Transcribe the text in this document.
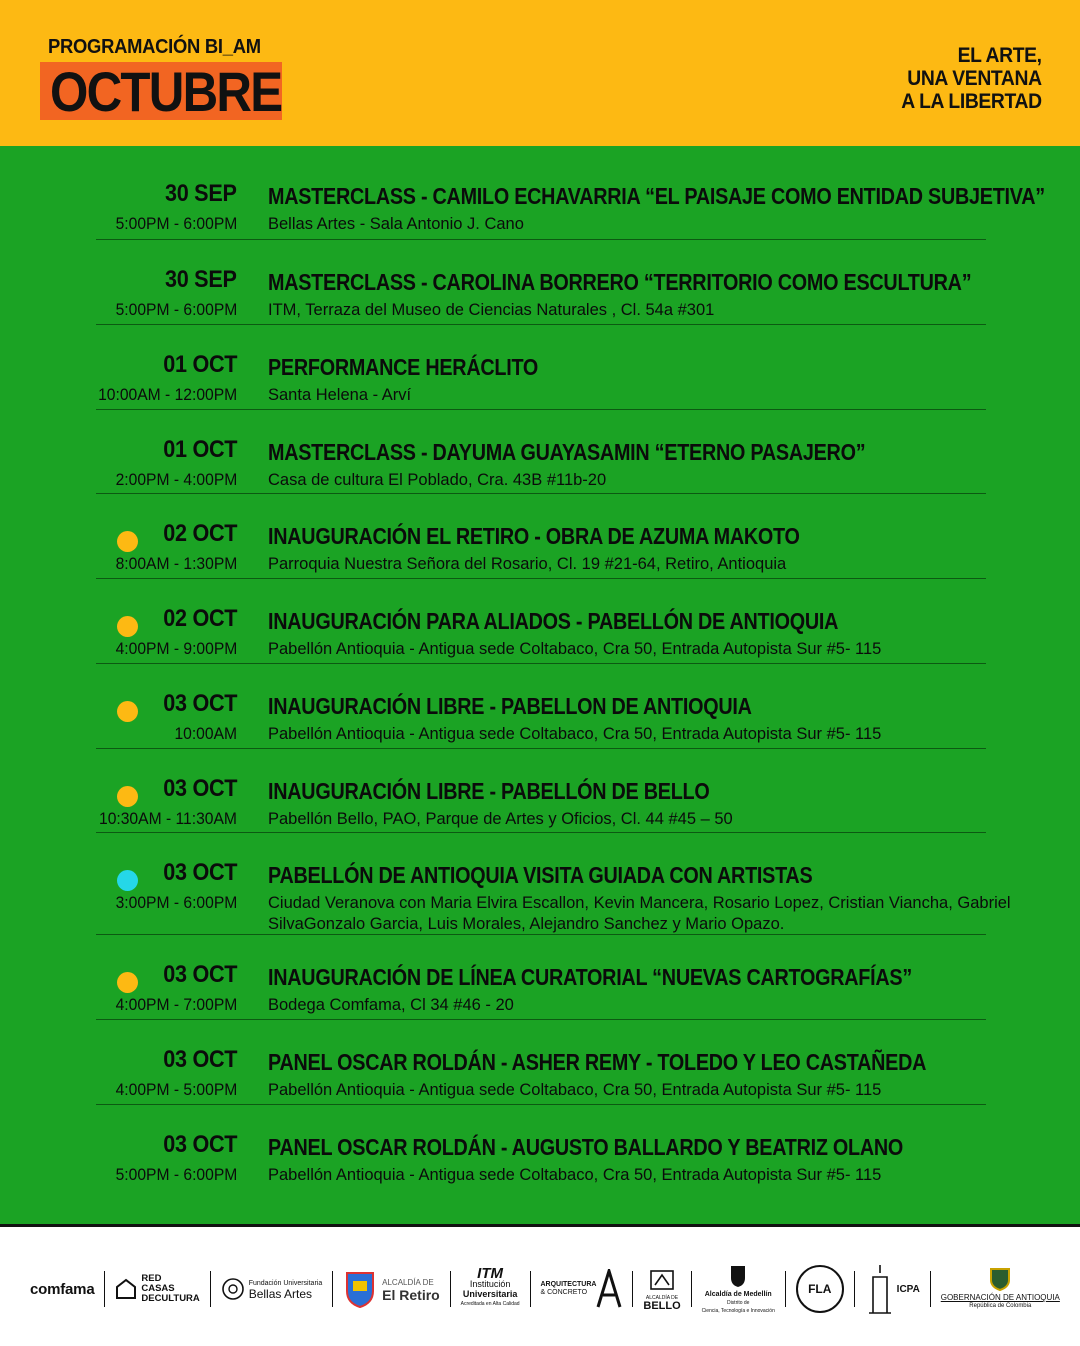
PROGRAMACIÓN BI_AM
OCTUBRE
EL ARTE,
UNA VENTANA
A LA LIBERTAD
30 SEP
5:00PM - 6:00PM
MASTERCLASS - CAMILO ECHAVARRIA “EL PAISAJE COMO ENTIDAD SUBJETIVA”
Bellas Artes - Sala Antonio J. Cano
30 SEP
5:00PM - 6:00PM
MASTERCLASS - CAROLINA BORRERO “TERRITORIO COMO ESCULTURA”
ITM, Terraza del Museo de Ciencias Naturales , Cl. 54a #301
01 OCT
10:00AM - 12:00PM
PERFORMANCE HERÁCLITO
Santa Helena - Arví
01 OCT
2:00PM - 4:00PM
MASTERCLASS - DAYUMA GUAYASAMIN “ETERNO PASAJERO”
Casa de cultura El Poblado, Cra. 43B #11b-20
02 OCT
8:00AM - 1:30PM
INAUGURACIÓN EL RETIRO - OBRA DE AZUMA MAKOTO
Parroquia Nuestra Señora del Rosario, Cl. 19 #21-64, Retiro, Antioquia
02 OCT
4:00PM - 9:00PM
INAUGURACIÓN PARA ALIADOS - PABELLÓN DE ANTIOQUIA
Pabellón Antioquia - Antigua sede Coltabaco, Cra 50, Entrada Autopista Sur #5- 115
03 OCT
10:00AM
INAUGURACIÓN LIBRE - PABELLON DE ANTIOQUIA
Pabellón Antioquia - Antigua sede Coltabaco, Cra 50, Entrada Autopista Sur #5- 115
03 OCT
10:30AM - 11:30AM
INAUGURACIÓN LIBRE - PABELLÓN DE BELLO
Pabellón Bello, PAO, Parque de Artes y Oficios, Cl. 44 #45 – 50
03 OCT
3:00PM - 6:00PM
PABELLÓN DE ANTIOQUIA VISITA GUIADA CON ARTISTAS
Ciudad Veranova con Maria Elvira Escallon, Kevin Mancera, Rosario Lopez, Cristian Viancha, Gabriel SilvaGonzalo Garcia, Luis Morales, Alejandro Sanchez y Mario Opazo.
03 OCT
4:00PM - 7:00PM
INAUGURACIÓN DE LÍNEA CURATORIAL “NUEVAS CARTOGRAFÍAS”
Bodega Comfama, Cl 34 #46 - 20
03 OCT
4:00PM - 5:00PM
PANEL OSCAR ROLDÁN - ASHER REMY - TOLEDO Y LEO CASTAÑEDA
Pabellón Antioquia - Antigua sede Coltabaco, Cra 50, Entrada Autopista Sur #5- 115
03 OCT
5:00PM - 6:00PM
PANEL OSCAR ROLDÁN - AUGUSTO BALLARDO Y BEATRIZ OLANO
Pabellón Antioquia - Antigua sede Coltabaco, Cra 50, Entrada Autopista Sur #5- 115
comfama
RED
CASAS
DECULTURA
Fundación Universitaria
Bellas Artes
ALCALDÍA DE
El Retiro
ITM
Institución
Universitaria
Acreditada en Alta Calidad
ARQUITECTURA
& CONCRETO
ALCALDÍA DE
BELLO
Alcaldía de Medellín
Distrito de
Ciencia, Tecnología e Innovación
FLA	ICPA
GOBERNACIÓN DE ANTIOQUIA
República de Colombia
